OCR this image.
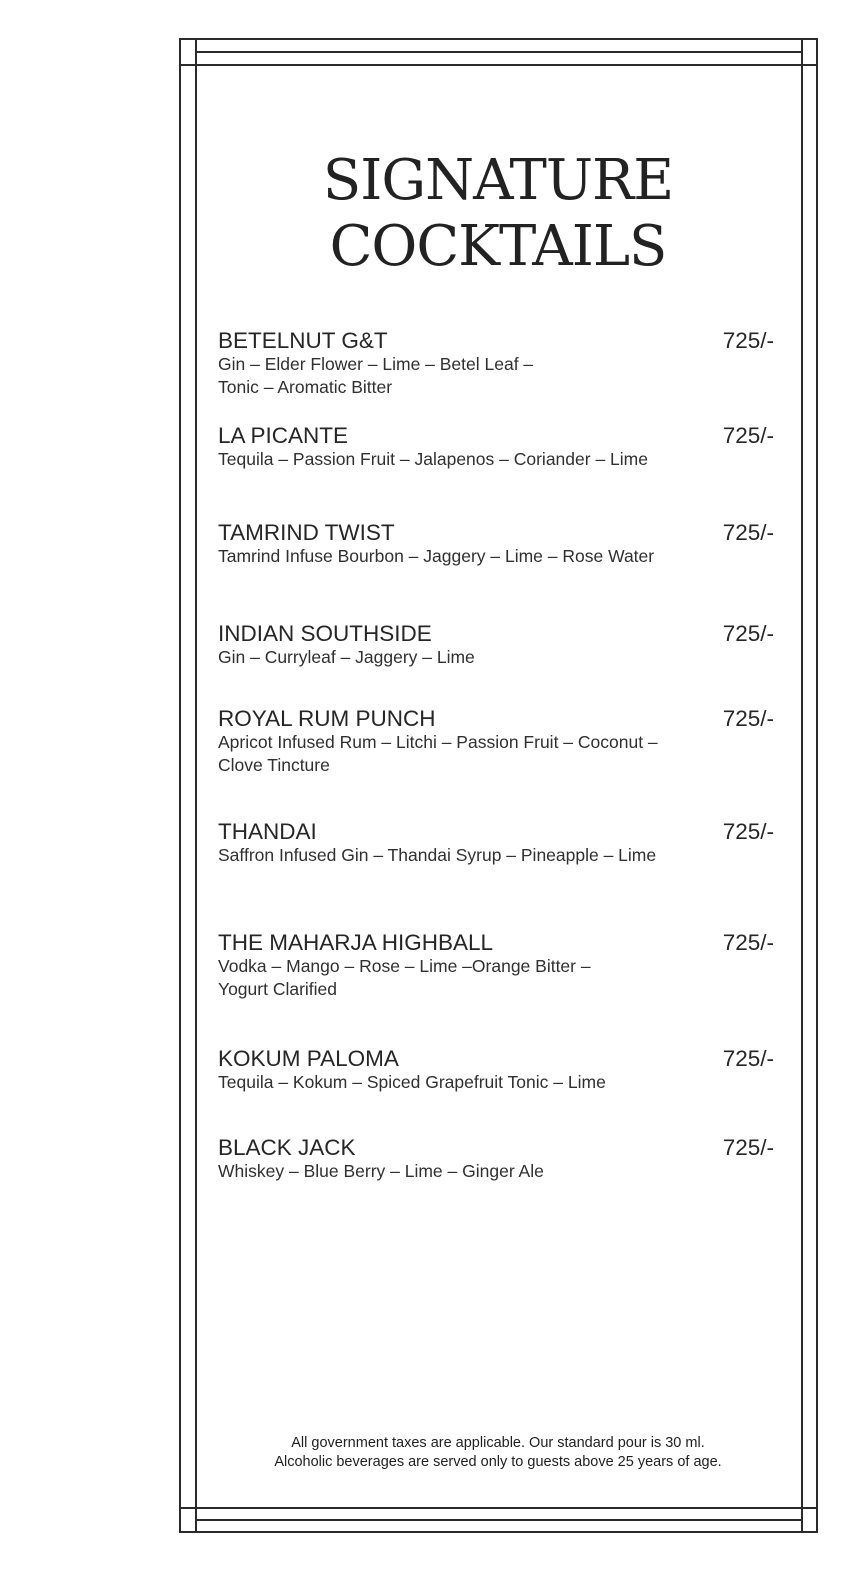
SIGNATURE
COCKTAILS
BETELNUT G&T	725/-
Gin – Elder Flower – Lime – Betel Leaf –
Tonic – Aromatic Bitter
LA PICANTE	725/-
Tequila – Passion Fruit – Jalapenos – Coriander – Lime
TAMRIND TWIST	725/-
Tamrind Infuse Bourbon – Jaggery – Lime – Rose Water
INDIAN SOUTHSIDE	725/-
Gin – Curryleaf – Jaggery – Lime
ROYAL RUM PUNCH	725/-
Apricot Infused Rum – Litchi – Passion Fruit – Coconut –
Clove Tincture
THANDAI	725/-
Saffron Infused Gin – Thandai Syrup – Pineapple – Lime
THE MAHARJA HIGHBALL	725/-
Vodka – Mango – Rose – Lime –Orange Bitter –
Yogurt Clarified
KOKUM PALOMA	725/-
Tequila – Kokum – Spiced Grapefruit Tonic – Lime
BLACK JACK	725/-
Whiskey – Blue Berry – Lime – Ginger Ale
All government taxes are applicable. Our standard pour is 30 ml.
Alcoholic beverages are served only to guests above 25 years of age.
